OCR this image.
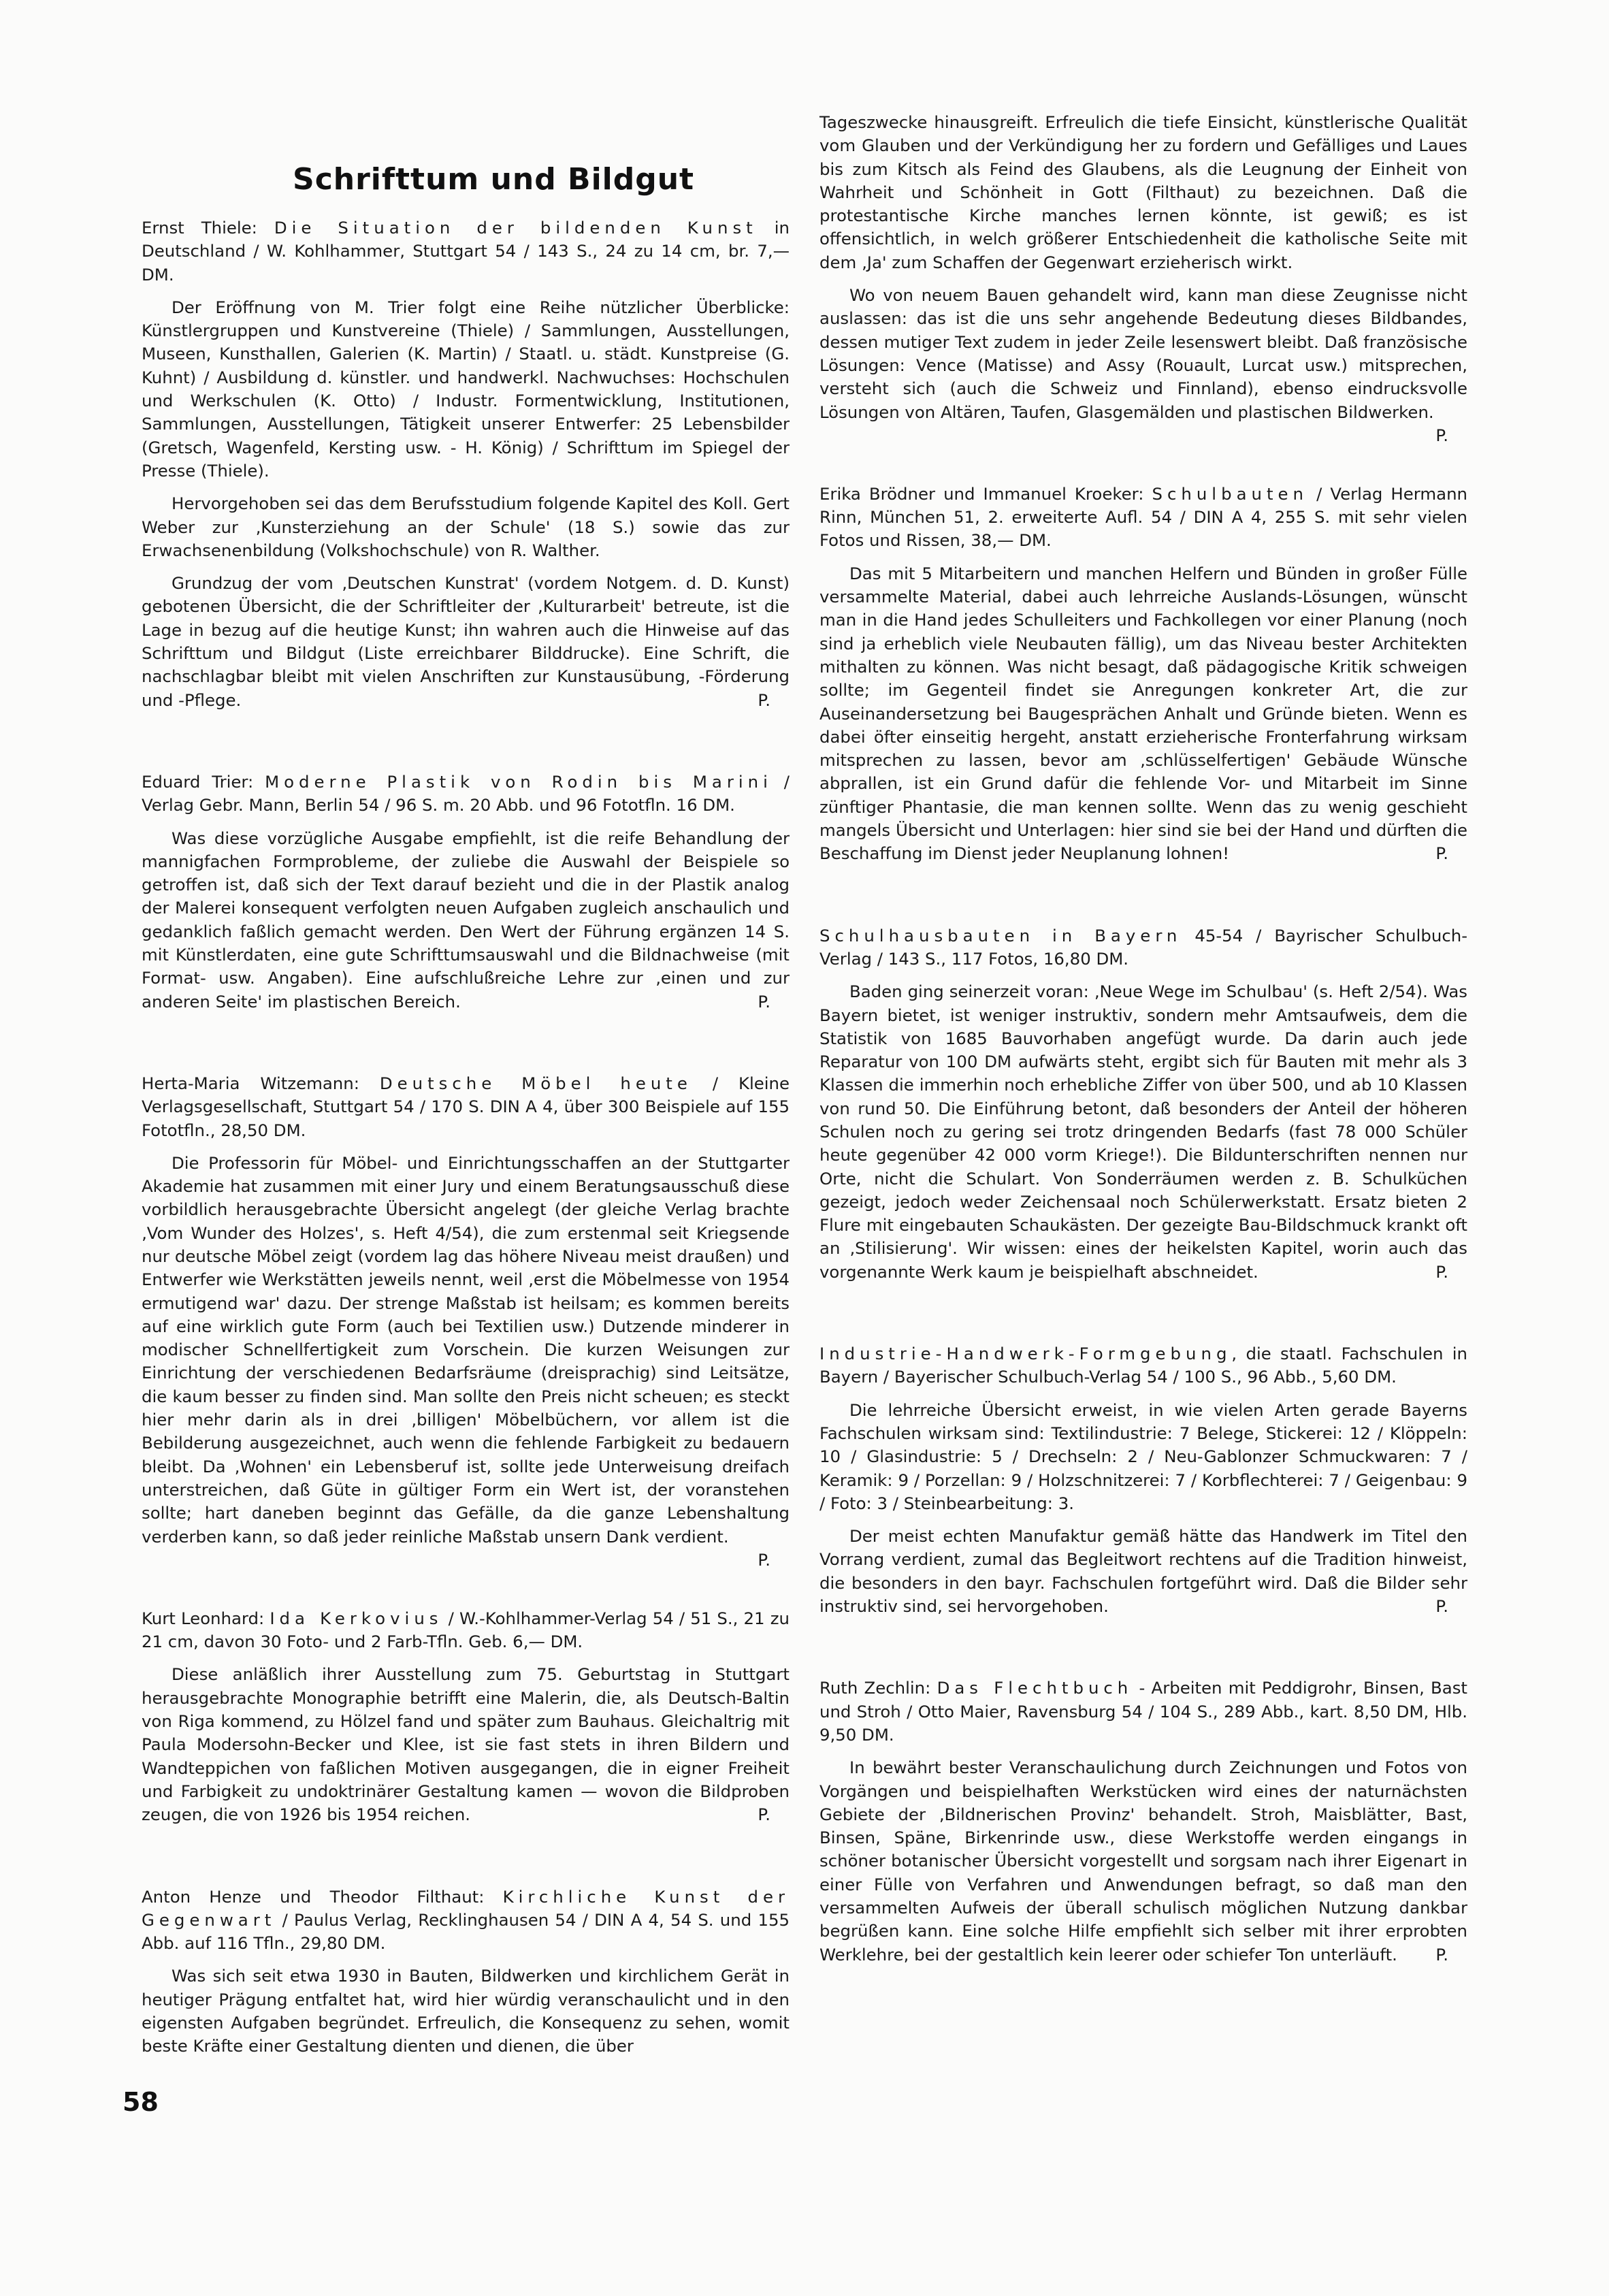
Schrifttum und Bildgut

Ernst Thiele: Die Situation der bildenden Kunst in Deutschland / W. Kohlhammer, Stuttgart 54 / 143 S., 24 zu 14 cm, br. 7,— DM.

Der Eröffnung von M. Trier folgt eine Reihe nützlicher Überblicke: Künstlergruppen und Kunstvereine (Thiele) / Sammlungen, Ausstellungen, Museen, Kunsthallen, Galerien (K. Martin) / Staatl. u. städt. Kunstpreise (G. Kuhnt) / Ausbildung d. künstler. und handwerkl. Nachwuchses: Hochschulen und Werkschulen (K. Otto) / Industr. Formentwicklung, Institutionen, Sammlungen, Ausstellungen, Tätigkeit unserer Entwerfer: 25 Lebensbilder (Gretsch, Wagenfeld, Kersting usw. - H. König) / Schrifttum im Spiegel der Presse (Thiele).

Hervorgehoben sei das dem Berufsstudium folgende Kapitel des Koll. Gert Weber zur ‚Kunsterziehung an der Schule' (18 S.) sowie das zur Erwachsenenbildung (Volkshochschule) von R. Walther.

Grundzug der vom ‚Deutschen Kunstrat' (vordem Notgem. d. D. Kunst) gebotenen Übersicht, die der Schriftleiter der ‚Kulturarbeit' betreute, ist die Lage in bezug auf die heutige Kunst; ihn wahren auch die Hinweise auf das Schrifttum und Bildgut (Liste erreichbarer Bilddrucke). Eine Schrift, die nachschlagbar bleibt mit vielen Anschriften zur Kunstausübung, -Förderung und -Pflege.	P.

Eduard Trier: Moderne Plastik von Rodin bis Marini / Verlag Gebr. Mann, Berlin 54 / 96 S. m. 20 Abb. und 96 Fototfln. 16 DM.

Was diese vorzügliche Ausgabe empfiehlt, ist die reife Behandlung der mannigfachen Formprobleme, der zuliebe die Auswahl der Beispiele so getroffen ist, daß sich der Text darauf bezieht und die in der Plastik analog der Malerei konsequent verfolgten neuen Aufgaben zugleich anschaulich und gedanklich faßlich gemacht werden. Den Wert der Führung ergänzen 14 S. mit Künstlerdaten, eine gute Schrifttumsauswahl und die Bildnachweise (mit Format- usw. Angaben). Eine aufschlußreiche Lehre zur ‚einen und zur anderen Seite' im plastischen Bereich.	P.

Herta-Maria Witzemann: Deutsche Möbel heute / Kleine Verlagsgesellschaft, Stuttgart 54 / 170 S. DIN A 4, über 300 Beispiele auf 155 Fototfln., 28,50 DM.

Die Professorin für Möbel- und Einrichtungsschaffen an der Stuttgarter Akademie hat zusammen mit einer Jury und einem Beratungsausschuß diese vorbildlich herausgebrachte Übersicht angelegt (der gleiche Verlag brachte ‚Vom Wunder des Holzes', s. Heft 4/54), die zum erstenmal seit Kriegsende nur deutsche Möbel zeigt (vordem lag das höhere Niveau meist draußen) und Entwerfer wie Werkstätten jeweils nennt, weil ‚erst die Möbelmesse von 1954 ermutigend war' dazu. Der strenge Maßstab ist heilsam; es kommen bereits auf eine wirklich gute Form (auch bei Textilien usw.) Dutzende minderer in modischer Schnellfertigkeit zum Vorschein. Die kurzen Weisungen zur Einrichtung der verschiedenen Bedarfsräume (dreisprachig) sind Leitsätze, die kaum besser zu finden sind. Man sollte den Preis nicht scheuen; es steckt hier mehr darin als in drei ‚billigen' Möbelbüchern, vor allem ist die Bebilderung ausgezeichnet, auch wenn die fehlende Farbigkeit zu bedauern bleibt. Da ‚Wohnen' ein Lebensberuf ist, sollte jede Unterweisung dreifach unterstreichen, daß Güte in gültiger Form ein Wert ist, der voranstehen sollte; hart daneben beginnt das Gefälle, da die ganze Lebenshaltung verderben kann, so daß jeder reinliche Maßstab unsern Dank verdient.
P.

Kurt Leonhard: Ida Kerkovius / W.-Kohlhammer-Verlag 54 / 51 S., 21 zu 21 cm, davon 30 Foto- und 2 Farb-Tfln. Geb. 6,— DM.

Diese anläßlich ihrer Ausstellung zum 75. Geburtstag in Stuttgart herausgebrachte Monographie betrifft eine Malerin, die, als Deutsch-Baltin von Riga kommend, zu Hölzel fand und später zum Bauhaus. Gleichaltrig mit Paula Modersohn-Becker und Klee, ist sie fast stets in ihren Bildern und Wandteppichen von faßlichen Motiven ausgegangen, die in eigner Freiheit und Farbigkeit zu undoktrinärer Gestaltung kamen — wovon die Bildproben zeugen, die von 1926 bis 1954 reichen.	P.

Anton Henze und Theodor Filthaut: Kirchliche Kunst der Gegenwart / Paulus Verlag, Recklinghausen 54 / DIN A 4, 54 S. und 155 Abb. auf 116 Tfln., 29,80 DM.

Was sich seit etwa 1930 in Bauten, Bildwerken und kirchlichem Gerät in heutiger Prägung entfaltet hat, wird hier würdig veranschaulicht und in den eigensten Aufgaben begründet. Erfreulich, die Konsequenz zu sehen, womit beste Kräfte einer Gestaltung dienten und dienen, die über

Tageszwecke hinausgreift. Erfreulich die tiefe Einsicht, künstlerische Qualität vom Glauben und der Verkündigung her zu fordern und Gefälliges und Laues bis zum Kitsch als Feind des Glaubens, als die Leugnung der Einheit von Wahrheit und Schönheit in Gott (Filthaut) zu bezeichnen. Daß die protestantische Kirche manches lernen könnte, ist gewiß; es ist offensichtlich, in welch größerer Entschiedenheit die katholische Seite mit dem ‚Ja' zum Schaffen der Gegenwart erzieherisch wirkt.

Wo von neuem Bauen gehandelt wird, kann man diese Zeugnisse nicht auslassen: das ist die uns sehr angehende Bedeutung dieses Bildbandes, dessen mutiger Text zudem in jeder Zeile lesenswert bleibt. Daß französische Lösungen: Vence (Matisse) and Assy (Rouault, Lurcat usw.) mitsprechen, versteht sich (auch die Schweiz und Finnland), ebenso eindrucksvolle Lösungen von Altären, Taufen, Glasgemälden und plastischen Bildwerken.
P.

Erika Brödner und Immanuel Kroeker: Schulbauten / Verlag Hermann Rinn, München 51, 2. erweiterte Aufl. 54 / DIN A 4, 255 S. mit sehr vielen Fotos und Rissen, 38,— DM.

Das mit 5 Mitarbeitern und manchen Helfern und Bünden in großer Fülle versammelte Material, dabei auch lehrreiche Auslands-Lösungen, wünscht man in die Hand jedes Schulleiters und Fachkollegen vor einer Planung (noch sind ja erheblich viele Neubauten fällig), um das Niveau bester Architekten mithalten zu können. Was nicht besagt, daß pädagogische Kritik schweigen sollte; im Gegenteil findet sie Anregungen konkreter Art, die zur Auseinandersetzung bei Baugesprächen Anhalt und Gründe bieten. Wenn es dabei öfter einseitig hergeht, anstatt erzieherische Fronterfahrung wirksam mitsprechen zu lassen, bevor am ‚schlüsselfertigen' Gebäude Wünsche abprallen, ist ein Grund dafür die fehlende Vor- und Mitarbeit im Sinne zünftiger Phantasie, die man kennen sollte. Wenn das zu wenig geschieht mangels Übersicht und Unterlagen: hier sind sie bei der Hand und dürften die Beschaffung im Dienst jeder Neuplanung lohnen!	P.

Schulhausbauten in Bayern 45-54 / Bayrischer Schulbuch-Verlag / 143 S., 117 Fotos, 16,80 DM.

Baden ging seinerzeit voran: ‚Neue Wege im Schulbau' (s. Heft 2/54). Was Bayern bietet, ist weniger instruktiv, sondern mehr Amtsaufweis, dem die Statistik von 1685 Bauvorhaben angefügt wurde. Da darin auch jede Reparatur von 100 DM aufwärts steht, ergibt sich für Bauten mit mehr als 3 Klassen die immerhin noch erhebliche Ziffer von über 500, und ab 10 Klassen von rund 50. Die Einführung betont, daß besonders der Anteil der höheren Schulen noch zu gering sei trotz dringenden Bedarfs (fast 78 000 Schüler heute gegenüber 42 000 vorm Kriege!). Die Bildunterschriften nennen nur Orte, nicht die Schulart. Von Sonderräumen werden z. B. Schulküchen gezeigt, jedoch weder Zeichensaal noch Schülerwerkstatt. Ersatz bieten 2 Flure mit eingebauten Schaukästen. Der gezeigte Bau-Bildschmuck krankt oft an ‚Stilisierung'. Wir wissen: eines der heikelsten Kapitel, worin auch das vorgenannte Werk kaum je beispielhaft abschneidet.	P.

Industrie-Handwerk-Formgebung, die staatl. Fachschulen in Bayern / Bayerischer Schulbuch-Verlag 54 / 100 S., 96 Abb., 5,60 DM.

Die lehrreiche Übersicht erweist, in wie vielen Arten gerade Bayerns Fachschulen wirksam sind: Textilindustrie: 7 Belege, Stickerei: 12 / Klöppeln: 10 / Glasindustrie: 5 / Drechseln: 2 / Neu-Gablonzer Schmuckwaren: 7 / Keramik: 9 / Porzellan: 9 / Holzschnitzerei: 7 / Korbflechterei: 7 / Geigenbau: 9 / Foto: 3 / Steinbearbeitung: 3.

Der meist echten Manufaktur gemäß hätte das Handwerk im Titel den Vorrang verdient, zumal das Begleitwort rechtens auf die Tradition hinweist, die besonders in den bayr. Fachschulen fortgeführt wird. Daß die Bilder sehr instruktiv sind, sei hervorgehoben.	P.

Ruth Zechlin: Das Flechtbuch - Arbeiten mit Peddigrohr, Binsen, Bast und Stroh / Otto Maier, Ravensburg 54 / 104 S., 289 Abb., kart. 8,50 DM, Hlb. 9,50 DM.

In bewährt bester Veranschaulichung durch Zeichnungen und Fotos von Vorgängen und beispielhaften Werkstücken wird eines der naturnächsten Gebiete der ‚Bildnerischen Provinz' behandelt. Stroh, Maisblätter, Bast, Binsen, Späne, Birkenrinde usw., diese Werkstoffe werden eingangs in schöner botanischer Übersicht vorgestellt und sorgsam nach ihrer Eigenart in einer Fülle von Verfahren und Anwendungen befragt, so daß man den versammelten Aufweis der überall schulisch möglichen Nutzung dankbar begrüßen kann. Eine solche Hilfe empfiehlt sich selber mit ihrer erprobten Werklehre, bei der gestaltlich kein leerer oder schiefer Ton unterläuft.	P.

58
